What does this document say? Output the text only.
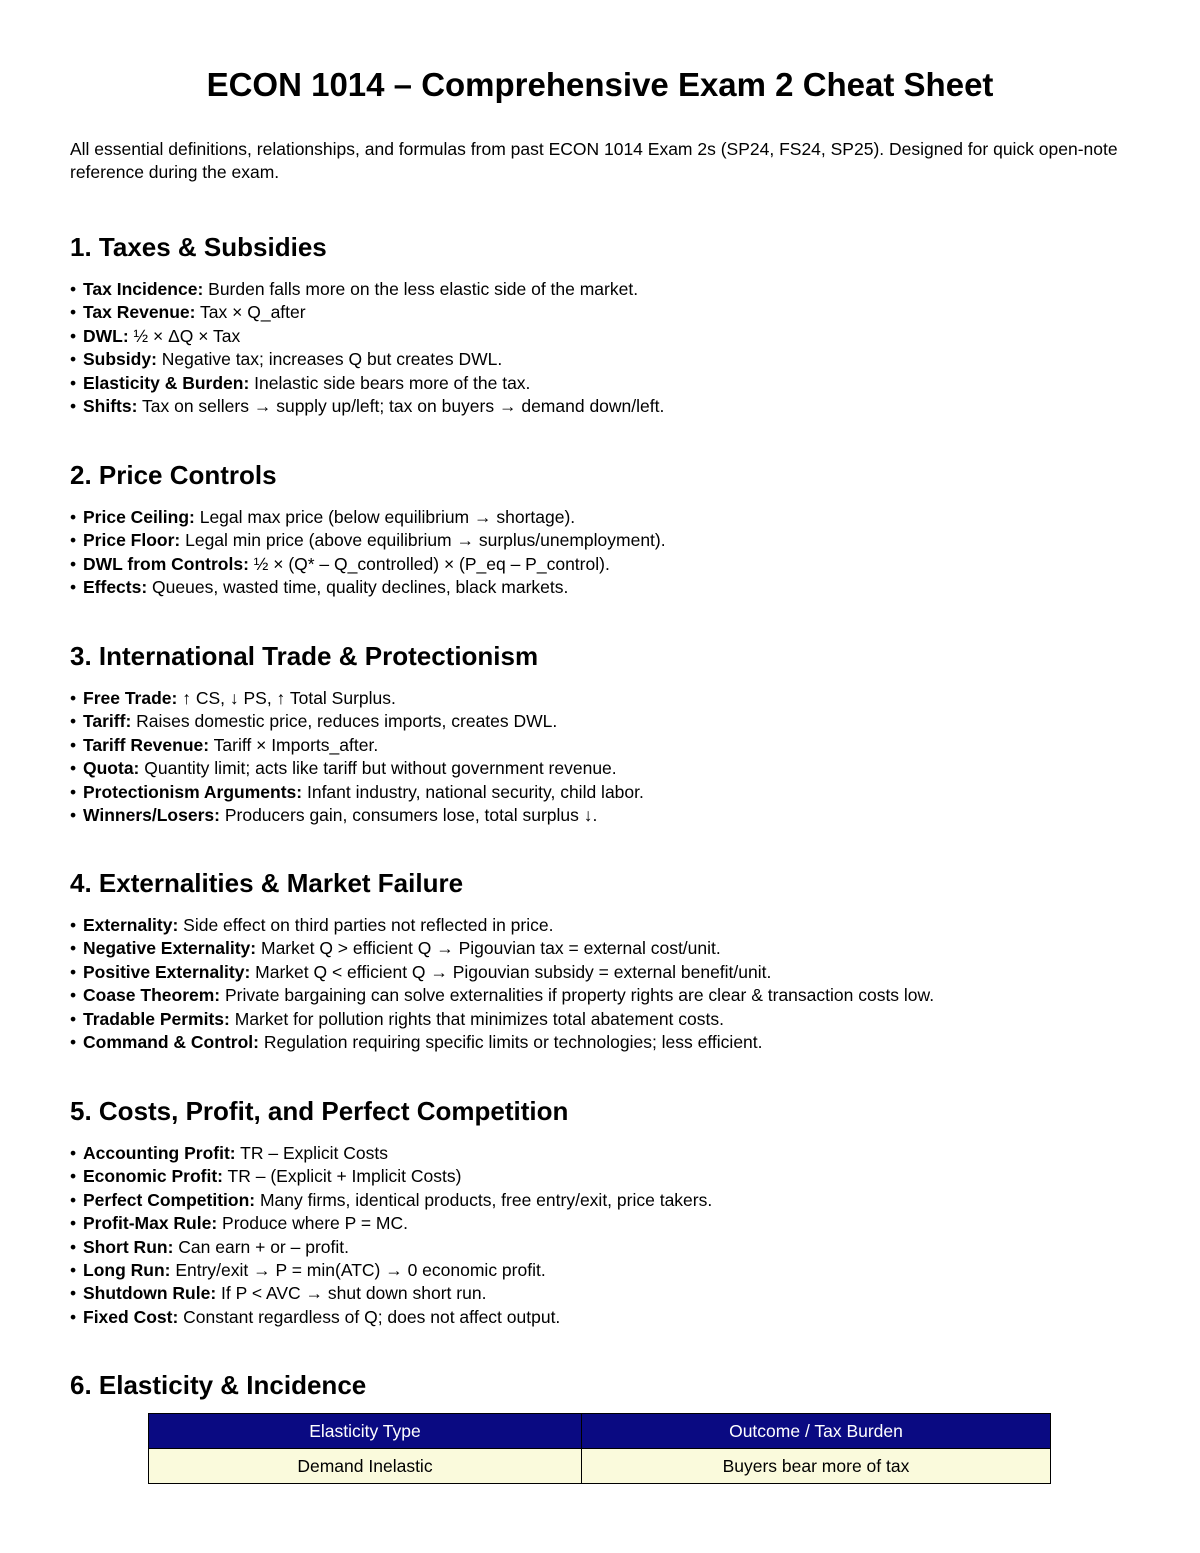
ECON 1014 – Comprehensive Exam 2 Cheat Sheet

All essential definitions, relationships, and formulas from past ECON 1014 Exam 2s (SP24, FS24, SP25). Designed for quick open-note reference during the exam.

1. Taxes & Subsidies
• Tax Incidence: Burden falls more on the less elastic side of the market.
• Tax Revenue: Tax × Q_after
• DWL: ½ × ΔQ × Tax
• Subsidy: Negative tax; increases Q but creates DWL.
• Elasticity & Burden: Inelastic side bears more of the tax.
• Shifts: Tax on sellers → supply up/left; tax on buyers → demand down/left.
2. Price Controls
• Price Ceiling: Legal max price (below equilibrium → shortage).
• Price Floor: Legal min price (above equilibrium → surplus/unemployment).
• DWL from Controls: ½ × (Q* – Q_controlled) × (P_eq – P_control).
• Effects: Queues, wasted time, quality declines, black markets.
3. International Trade & Protectionism
• Free Trade: ↑ CS, ↓ PS, ↑ Total Surplus.
• Tariff: Raises domestic price, reduces imports, creates DWL.
• Tariff Revenue: Tariff × Imports_after.
• Quota: Quantity limit; acts like tariff but without government revenue.
• Protectionism Arguments: Infant industry, national security, child labor.
• Winners/Losers: Producers gain, consumers lose, total surplus ↓.
4. Externalities & Market Failure
• Externality: Side effect on third parties not reflected in price.
• Negative Externality: Market Q > efficient Q → Pigouvian tax = external cost/unit.
• Positive Externality: Market Q < efficient Q → Pigouvian subsidy = external benefit/unit.
• Coase Theorem: Private bargaining can solve externalities if property rights are clear & transaction costs low.
• Tradable Permits: Market for pollution rights that minimizes total abatement costs.
• Command & Control: Regulation requiring specific limits or technologies; less efficient.
5. Costs, Profit, and Perfect Competition
• Accounting Profit: TR – Explicit Costs
• Economic Profit: TR – (Explicit + Implicit Costs)
• Perfect Competition: Many firms, identical products, free entry/exit, price takers.
• Profit-Max Rule: Produce where P = MC.
• Short Run: Can earn + or – profit.
• Long Run: Entry/exit → P = min(ATC) → 0 economic profit.
• Shutdown Rule: If P < AVC → shut down short run.
• Fixed Cost: Constant regardless of Q; does not affect output.
6. Elasticity & Incidence
Elasticity Type	Outcome / Tax Burden
Demand Inelastic	Buyers bear more of tax
